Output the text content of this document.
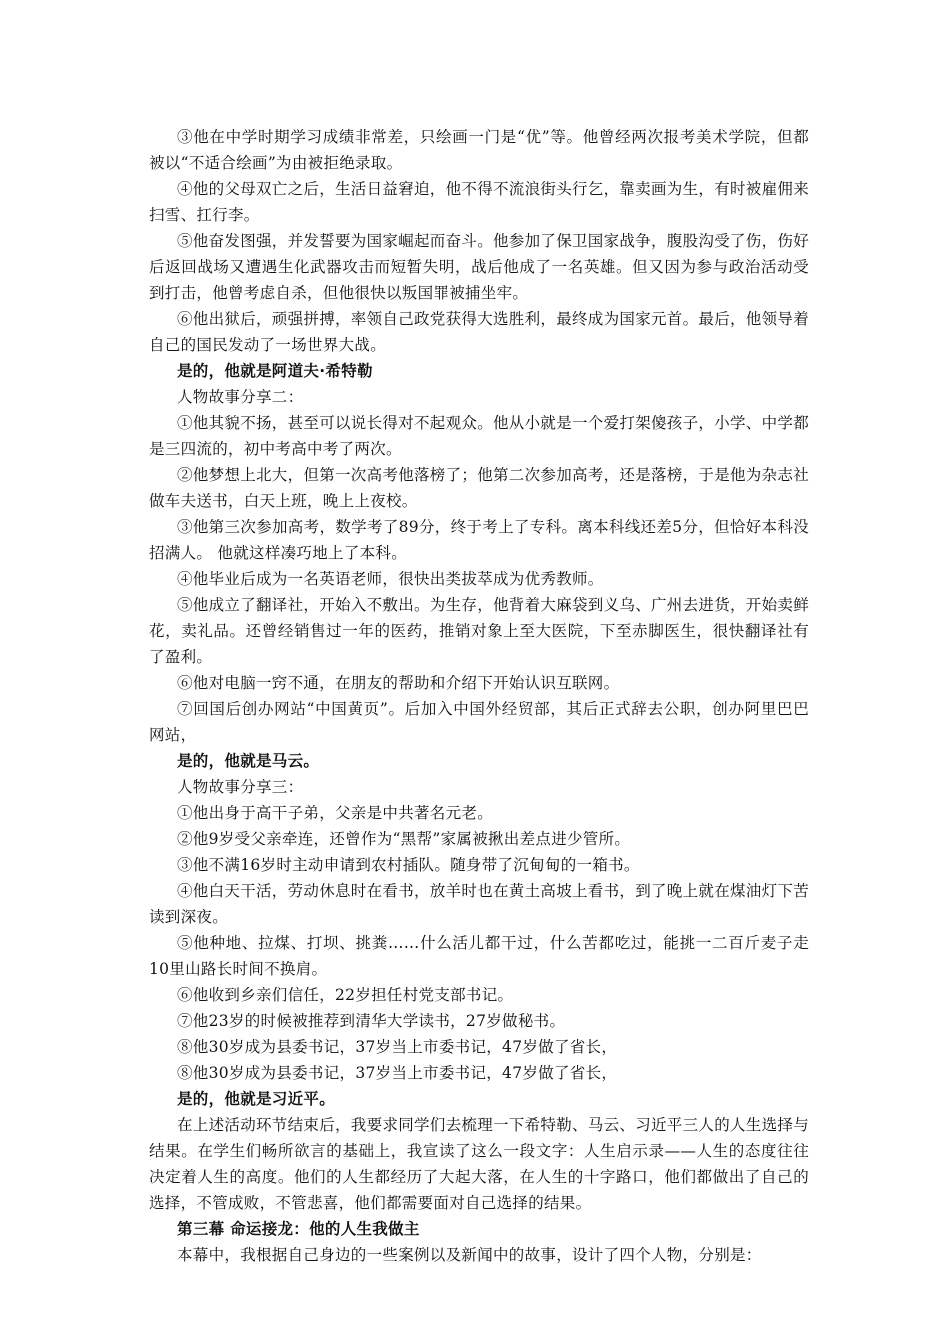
③他在中学时期学习成绩非常差，只绘画一门是“优”等。他曾经两次报考美术学院，但都被以“不适合绘画”为由被拒绝录取。

④他的父母双亡之后，生活日益窘迫，他不得不流浪街头行乞，靠卖画为生，有时被雇佣来扫雪、扛行李。

⑤他奋发图强，并发誓要为国家崛起而奋斗。他参加了保卫国家战争，腹股沟受了伤，伤好后返回战场又遭遇生化武器攻击而短暂失明，战后他成了一名英雄。但又因为参与政治活动受到打击，他曾考虑自杀，但他很快以叛国罪被捕坐牢。

⑥他出狱后，顽强拼搏，率领自己政党获得大选胜利，最终成为国家元首。最后，他领导着自己的国民发动了一场世界大战。

是的，他就是阿道夫·希特勒

人物故事分享二：

①他其貌不扬，甚至可以说长得对不起观众。他从小就是一个爱打架傻孩子，小学、中学都是三四流的，初中考高中考了两次。

②他梦想上北大，但第一次高考他落榜了；他第二次参加高考，还是落榜，于是他为杂志社做车夫送书，白天上班，晚上上夜校。

③他第三次参加高考，数学考了89分，终于考上了专科。离本科线还差5分，但恰好本科没招满人。 他就这样凑巧地上了本科。

④他毕业后成为一名英语老师，很快出类拔萃成为优秀教师。

⑤他成立了翻译社，开始入不敷出。为生存，他背着大麻袋到义乌、广州去进货，开始卖鲜花，卖礼品。还曾经销售过一年的医药，推销对象上至大医院，下至赤脚医生，很快翻译社有了盈利。

⑥他对电脑一窍不通，在朋友的帮助和介绍下开始认识互联网。

⑦回国后创办网站“中国黄页”。后加入中国外经贸部，其后正式辞去公职，创办阿里巴巴网站，

是的，他就是马云。

人物故事分享三：

①他出身于高干子弟，父亲是中共著名元老。

②他9岁受父亲牵连，还曾作为“黑帮”家属被揪出差点进少管所。

③他不满16岁时主动申请到农村插队。随身带了沉甸甸的一箱书。

④他白天干活，劳动休息时在看书，放羊时也在黄土高坡上看书，到了晚上就在煤油灯下苦读到深夜。

⑤他种地、拉煤、打坝、挑粪……什么活儿都干过，什么苦都吃过，能挑一二百斤麦子走10里山路长时间不换肩。

⑥他收到乡亲们信任，22岁担任村党支部书记。

⑦他23岁的时候被推荐到清华大学读书，27岁做秘书。

⑧他30岁成为县委书记，37岁当上市委书记，47岁做了省长，

⑧他30岁成为县委书记，37岁当上市委书记，47岁做了省长，

是的，他就是习近平。

在上述活动环节结束后，我要求同学们去梳理一下希特勒、马云、习近平三人的人生选择与结果。在学生们畅所欲言的基础上，我宣读了这么一段文字：人生启示录——人生的态度往往决定着人生的高度。他们的人生都经历了大起大落，在人生的十字路口，他们都做出了自己的选择，不管成败，不管悲喜，他们都需要面对自己选择的结果。

第三幕 命运接龙：他的人生我做主

本幕中，我根据自己身边的一些案例以及新闻中的故事，设计了四个人物，分别是：
